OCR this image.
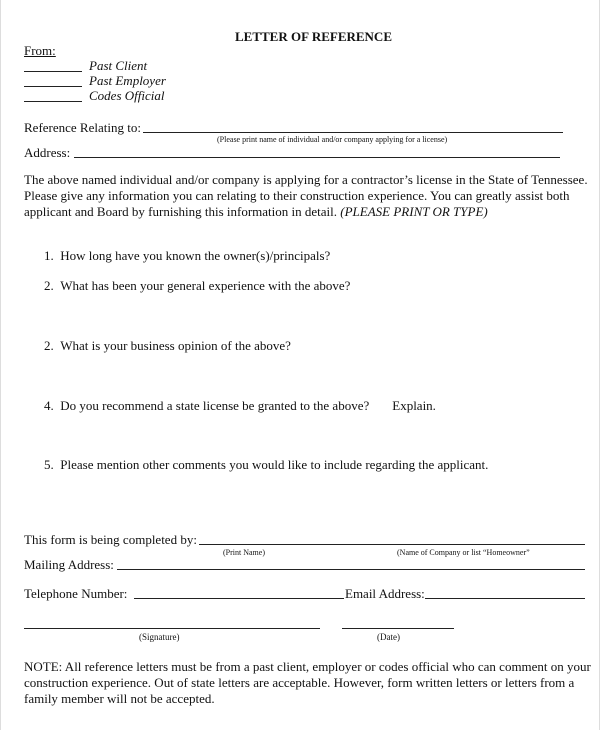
LETTER OF REFERENCE
From:
Past Client
Past Employer
Codes Official
Reference Relating to:
(Please print name of individual and/or company applying for a license)
Address:
The above named individual and/or company is applying for a contractor’s license in the State of Tennessee.
Please give any information you can relating to their construction experience. You can greatly assist both
applicant and Board by furnishing this information in detail. (PLEASE PRINT OR TYPE)
1. How long have you known the owner(s)/principals?
2. What has been your general experience with the above?
2. What is your business opinion of the above?
4. Do you recommend a state license be granted to the above? Explain.
5. Please mention other comments you would like to include regarding the applicant.
This form is being completed by:
(Print Name)	(Name of Company or list “Homeowner”
Mailing Address:
Telephone Number:	Email Address:
(Signature)	(Date)
NOTE: All reference letters must be from a past client, employer or codes official who can comment on your
construction experience. Out of state letters are acceptable. However, form written letters or letters from a
family member will not be accepted.
